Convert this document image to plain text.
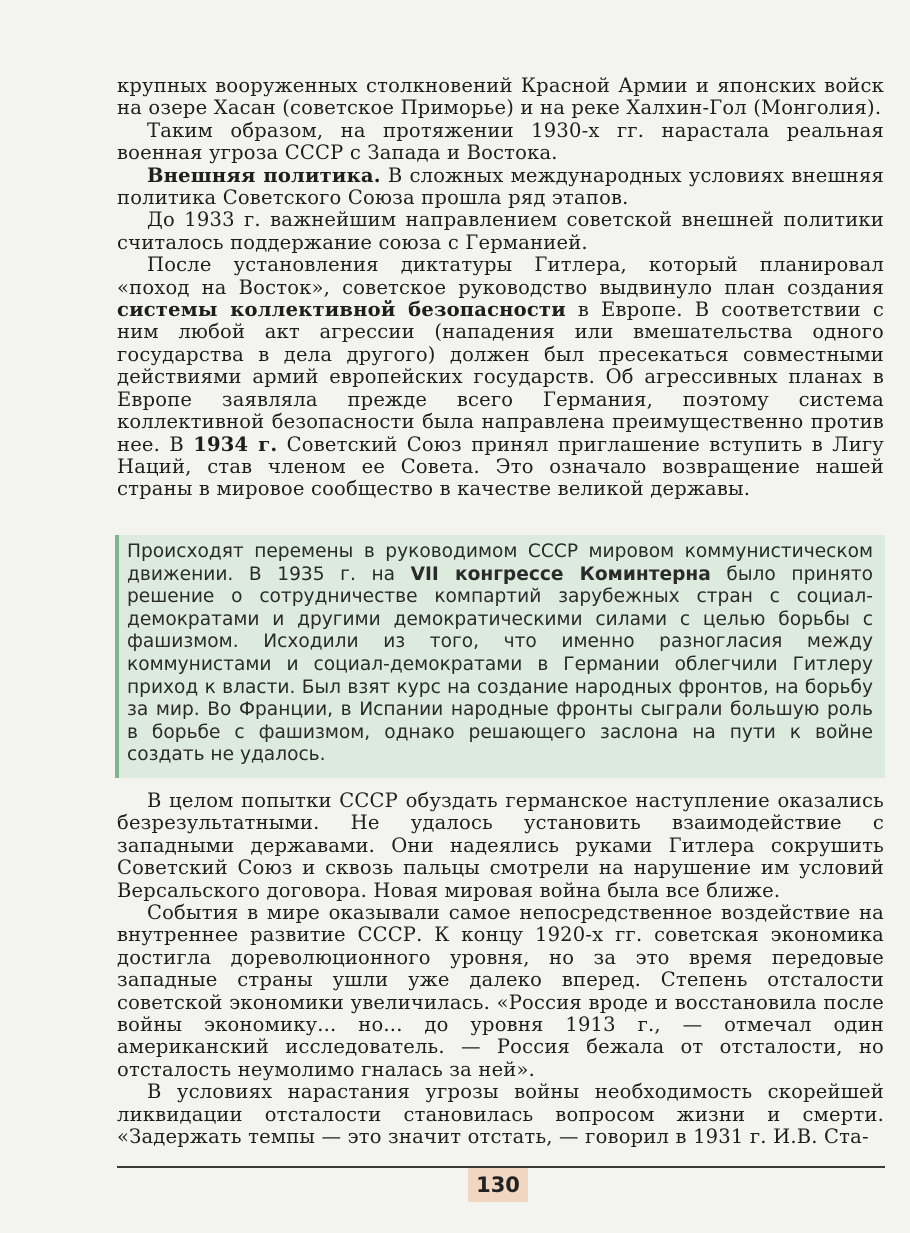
крупных вооруженных столкновений Красной Армии и японских войск на озере Хасан (советское Приморье) и на реке Халхин-Гол (Монголия).

Таким образом, на протяжении 1930-х гг. нарастала реальная военная угроза СССР с Запада и Востока.

Внешняя политика. В сложных международных условиях внешняя политика Советского Союза прошла ряд этапов.

До 1933 г. важнейшим направлением советской внешней политики считалось поддержание союза с Германией.

После установления диктатуры Гитлера, который планировал «поход на Восток», советское руководство выдвинуло план создания системы коллективной безопасности в Европе. В соответствии с ним любой акт агрессии (нападения или вмешательства одного государства в дела другого) должен был пресекаться совместными действиями армий европейских государств. Об агрессивных планах в Европе заявляла прежде всего Германия, поэтому система коллективной безопасности была направлена преимущественно против нее. В 1934 г. Советский Союз принял приглашение вступить в Лигу Наций, став членом ее Совета. Это означало возвращение нашей страны в мировое сообщество в качестве великой державы.

Происходят перемены в руководимом СССР мировом коммунистическом движении. В 1935 г. на VII конгрессе Коминтерна было принято решение о сотрудничестве компартий зарубежных стран с социал-демократами и другими демократическими силами с целью борьбы с фашизмом. Исходили из того, что именно разногласия между коммунистами и социал-демократами в Германии облегчили Гитлеру приход к власти. Был взят курс на создание народных фронтов, на борьбу за мир. Во Франции, в Испании народные фронты сыграли большую роль в борьбе с фашизмом, однако решающего заслона на пути к войне создать не удалось.

В целом попытки СССР обуздать германское наступление оказались безрезультатными. Не удалось установить взаимодействие с западными державами. Они надеялись руками Гитлера сокрушить Советский Союз и сквозь пальцы смотрели на нарушение им условий Версальского договора. Новая мировая война была все ближе.

События в мире оказывали самое непосредственное воздействие на внутреннее развитие СССР. К концу 1920-х гг. советская экономика достигла дореволюционного уровня, но за это время передовые западные страны ушли уже далеко вперед. Степень отсталости советской экономики увеличилась. «Россия вроде и восстановила после войны экономику... но... до уровня 1913 г., — отмечал один американский исследователь. — Россия бежала от отсталости, но отсталость неумолимо гналась за ней».

В условиях нарастания угрозы войны необходимость скорейшей ликвидации отсталости становилась вопросом жизни и смерти. «Задержать темпы — это значит отстать, — говорил в 1931 г. И.В. Ста-

130
